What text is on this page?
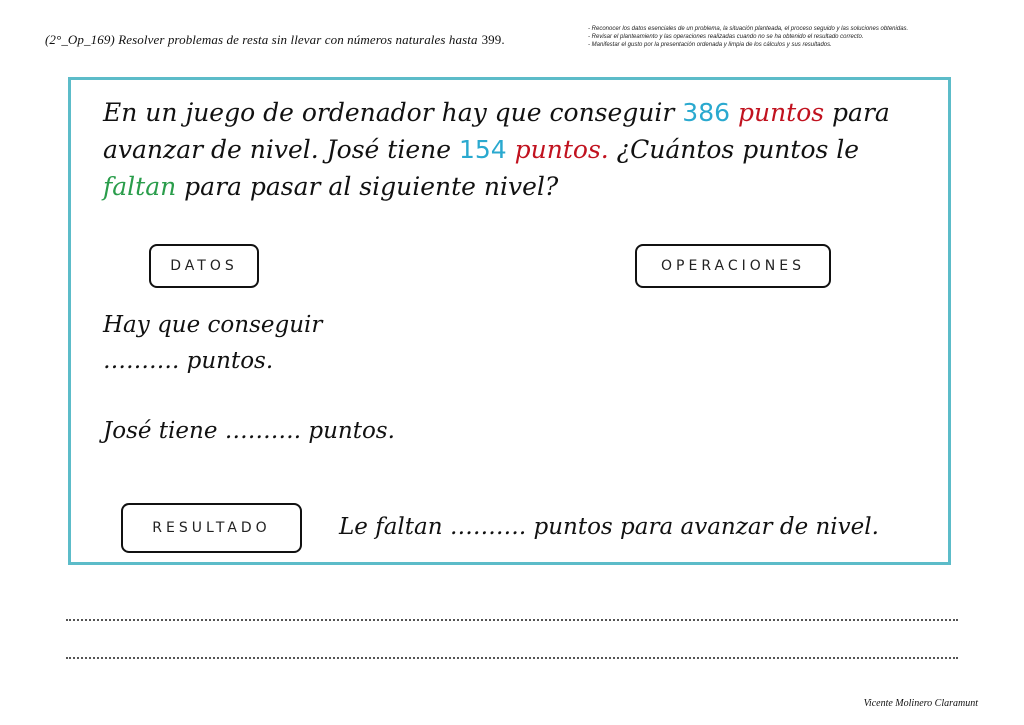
(2°_Op_169) Resolver problemas de resta sin llevar con números naturales hasta 399.
- Reconocer los datos esenciales de un problema, la situación planteada, el proceso seguido y las soluciones obtenidas.
- Revisar el planteamiento y las operaciones realizadas cuando no se ha obtenido el resultado correcto.
- Manifestar el gusto por la presentación ordenada y limpia de los cálculos y sus resultados.
En un juego de ordenador hay que conseguir 386 puntos para avanzar de nivel. José tiene 154 puntos. ¿Cuántos puntos le faltan para pasar al siguiente nivel?
DATOS	OPERACIONES
Hay que conseguir
………. puntos.
José tiene ………. puntos.
RESULTADO	Le faltan ………. puntos para avanzar de nivel.
Vicente Molinero Claramunt
